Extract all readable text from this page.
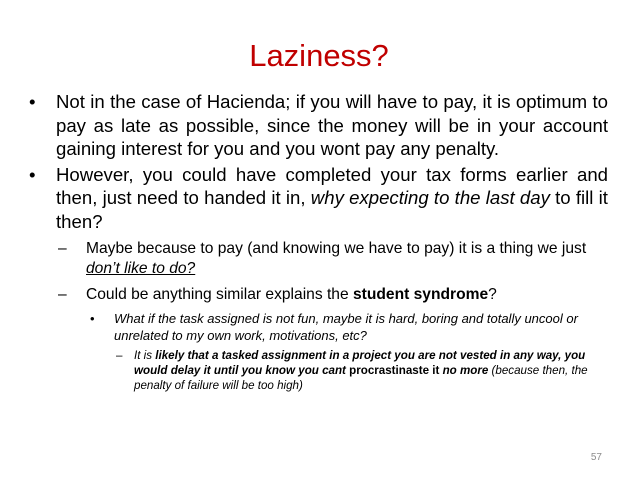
Laziness?
• Not in the case of Hacienda; if you will have to pay, it is optimum to pay as late as possible, since the money will be in your account gaining interest for you and you wont pay any penalty.
• However, you could have completed your tax forms earlier and then, just need to handed it in, why expecting to the last day to fill it then?
– Maybe because to pay (and knowing we have to pay) it is a thing we just don’t like to do?
– Could be anything similar explains the student syndrome?
• What if the task assigned is not fun, maybe it is hard, boring and totally uncool or unrelated to my own work, motivations, etc?
– It is likely that a tasked assignment in a project you are not vested in any way, you would delay it until you know you cant procrastinaste it no more (because then, the penalty of failure will be too high)
57
